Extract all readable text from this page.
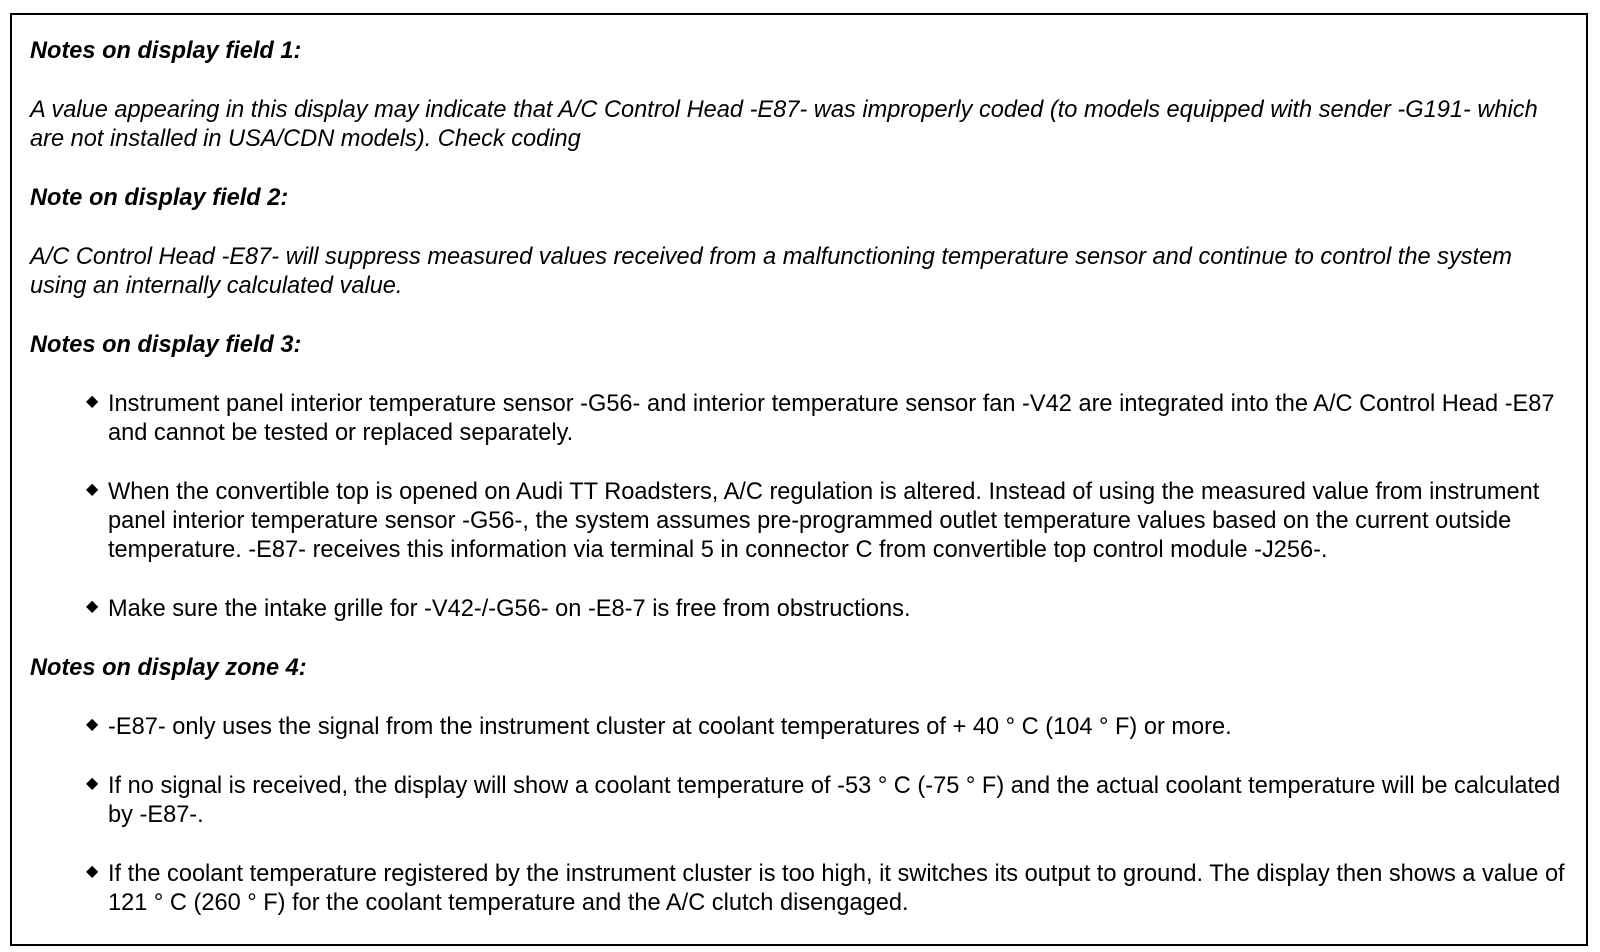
Notes on display field 1:

A value appearing in this display may indicate that A/C Control Head -E87- was improperly coded (to models equipped with sender -G191- which are not installed in USA/CDN models). Check coding

Note on display field 2:

A/C Control Head -E87- will suppress measured values received from a malfunctioning temperature sensor and continue to control the system using an internally calculated value.

Notes on display field 3:

◆ Instrument panel interior temperature sensor -G56- and interior temperature sensor fan -V42 are integrated into the A/C Control Head -E87 and cannot be tested or replaced separately.
◆ When the convertible top is opened on Audi TT Roadsters, A/C regulation is altered. Instead of using the measured value from instrument panel interior temperature sensor -G56-, the system assumes pre-programmed outlet temperature values based on the current outside temperature. -E87- receives this information via terminal 5 in connector C from convertible top control module -J256-.
◆ Make sure the intake grille for -V42-/-G56- on -E8-7 is free from obstructions.

Notes on display zone 4:

◆ -E87- only uses the signal from the instrument cluster at coolant temperatures of + 40 ° C (104 ° F) or more.
◆ If no signal is received, the display will show a coolant temperature of -53 ° C (-75 ° F) and the actual coolant temperature will be calculated by -E87-.
◆ If the coolant temperature registered by the instrument cluster is too high, it switches its output to ground. The display then shows a value of 121 ° C (260 ° F) for the coolant temperature and the A/C clutch disengaged.
